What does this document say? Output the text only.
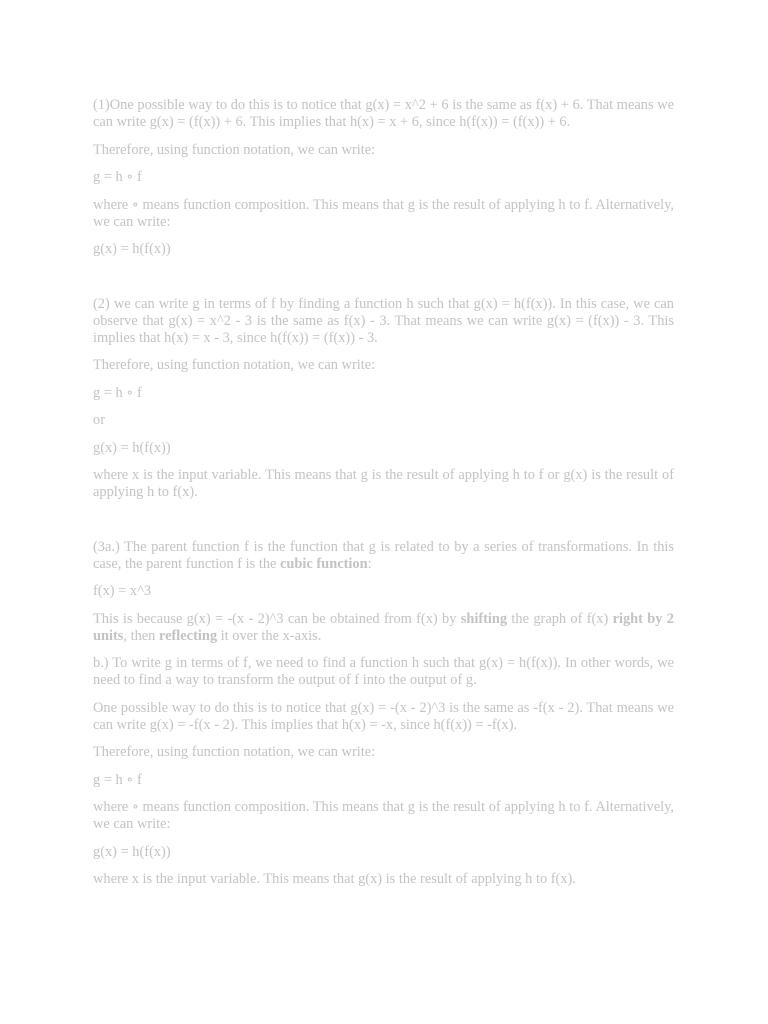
(1)One possible way to do this is to notice that g(x) = x^2 + 6 is the same as f(x) + 6. That means we can write g(x) = (f(x)) + 6. This implies that h(x) = x + 6, since h(f(x)) = (f(x)) + 6.

Therefore, using function notation, we can write:

g = h ∘ f

where ∘ means function composition. This means that g is the result of applying h to f. Alternatively, we can write:

g(x) = h(f(x))

(2) we can write g in terms of f by finding a function h such that g(x) = h(f(x)). In this case, we can observe that g(x) = x^2 - 3 is the same as f(x) - 3. That means we can write g(x) = (f(x)) - 3. This implies that h(x) = x - 3, since h(f(x)) = (f(x)) - 3.

Therefore, using function notation, we can write:

g = h ∘ f

or

g(x) = h(f(x))

where x is the input variable. This means that g is the result of applying h to f or g(x) is the result of applying h to f(x).

(3a.) The parent function f is the function that g is related to by a series of transformations. In this case, the parent function f is the cubic function:

f(x) = x^3

This is because g(x) = -(x - 2)^3 can be obtained from f(x) by shifting the graph of f(x) right by 2 units, then reflecting it over the x-axis.

b.) To write g in terms of f, we need to find a function h such that g(x) = h(f(x)). In other words, we need to find a way to transform the output of f into the output of g.

One possible way to do this is to notice that g(x) = -(x - 2)^3 is the same as -f(x - 2). That means we can write g(x) = -f(x - 2). This implies that h(x) = -x, since h(f(x)) = -f(x).

Therefore, using function notation, we can write:

g = h ∘ f

where ∘ means function composition. This means that g is the result of applying h to f. Alternatively, we can write:

g(x) = h(f(x))

where x is the input variable. This means that g(x) is the result of applying h to f(x).
